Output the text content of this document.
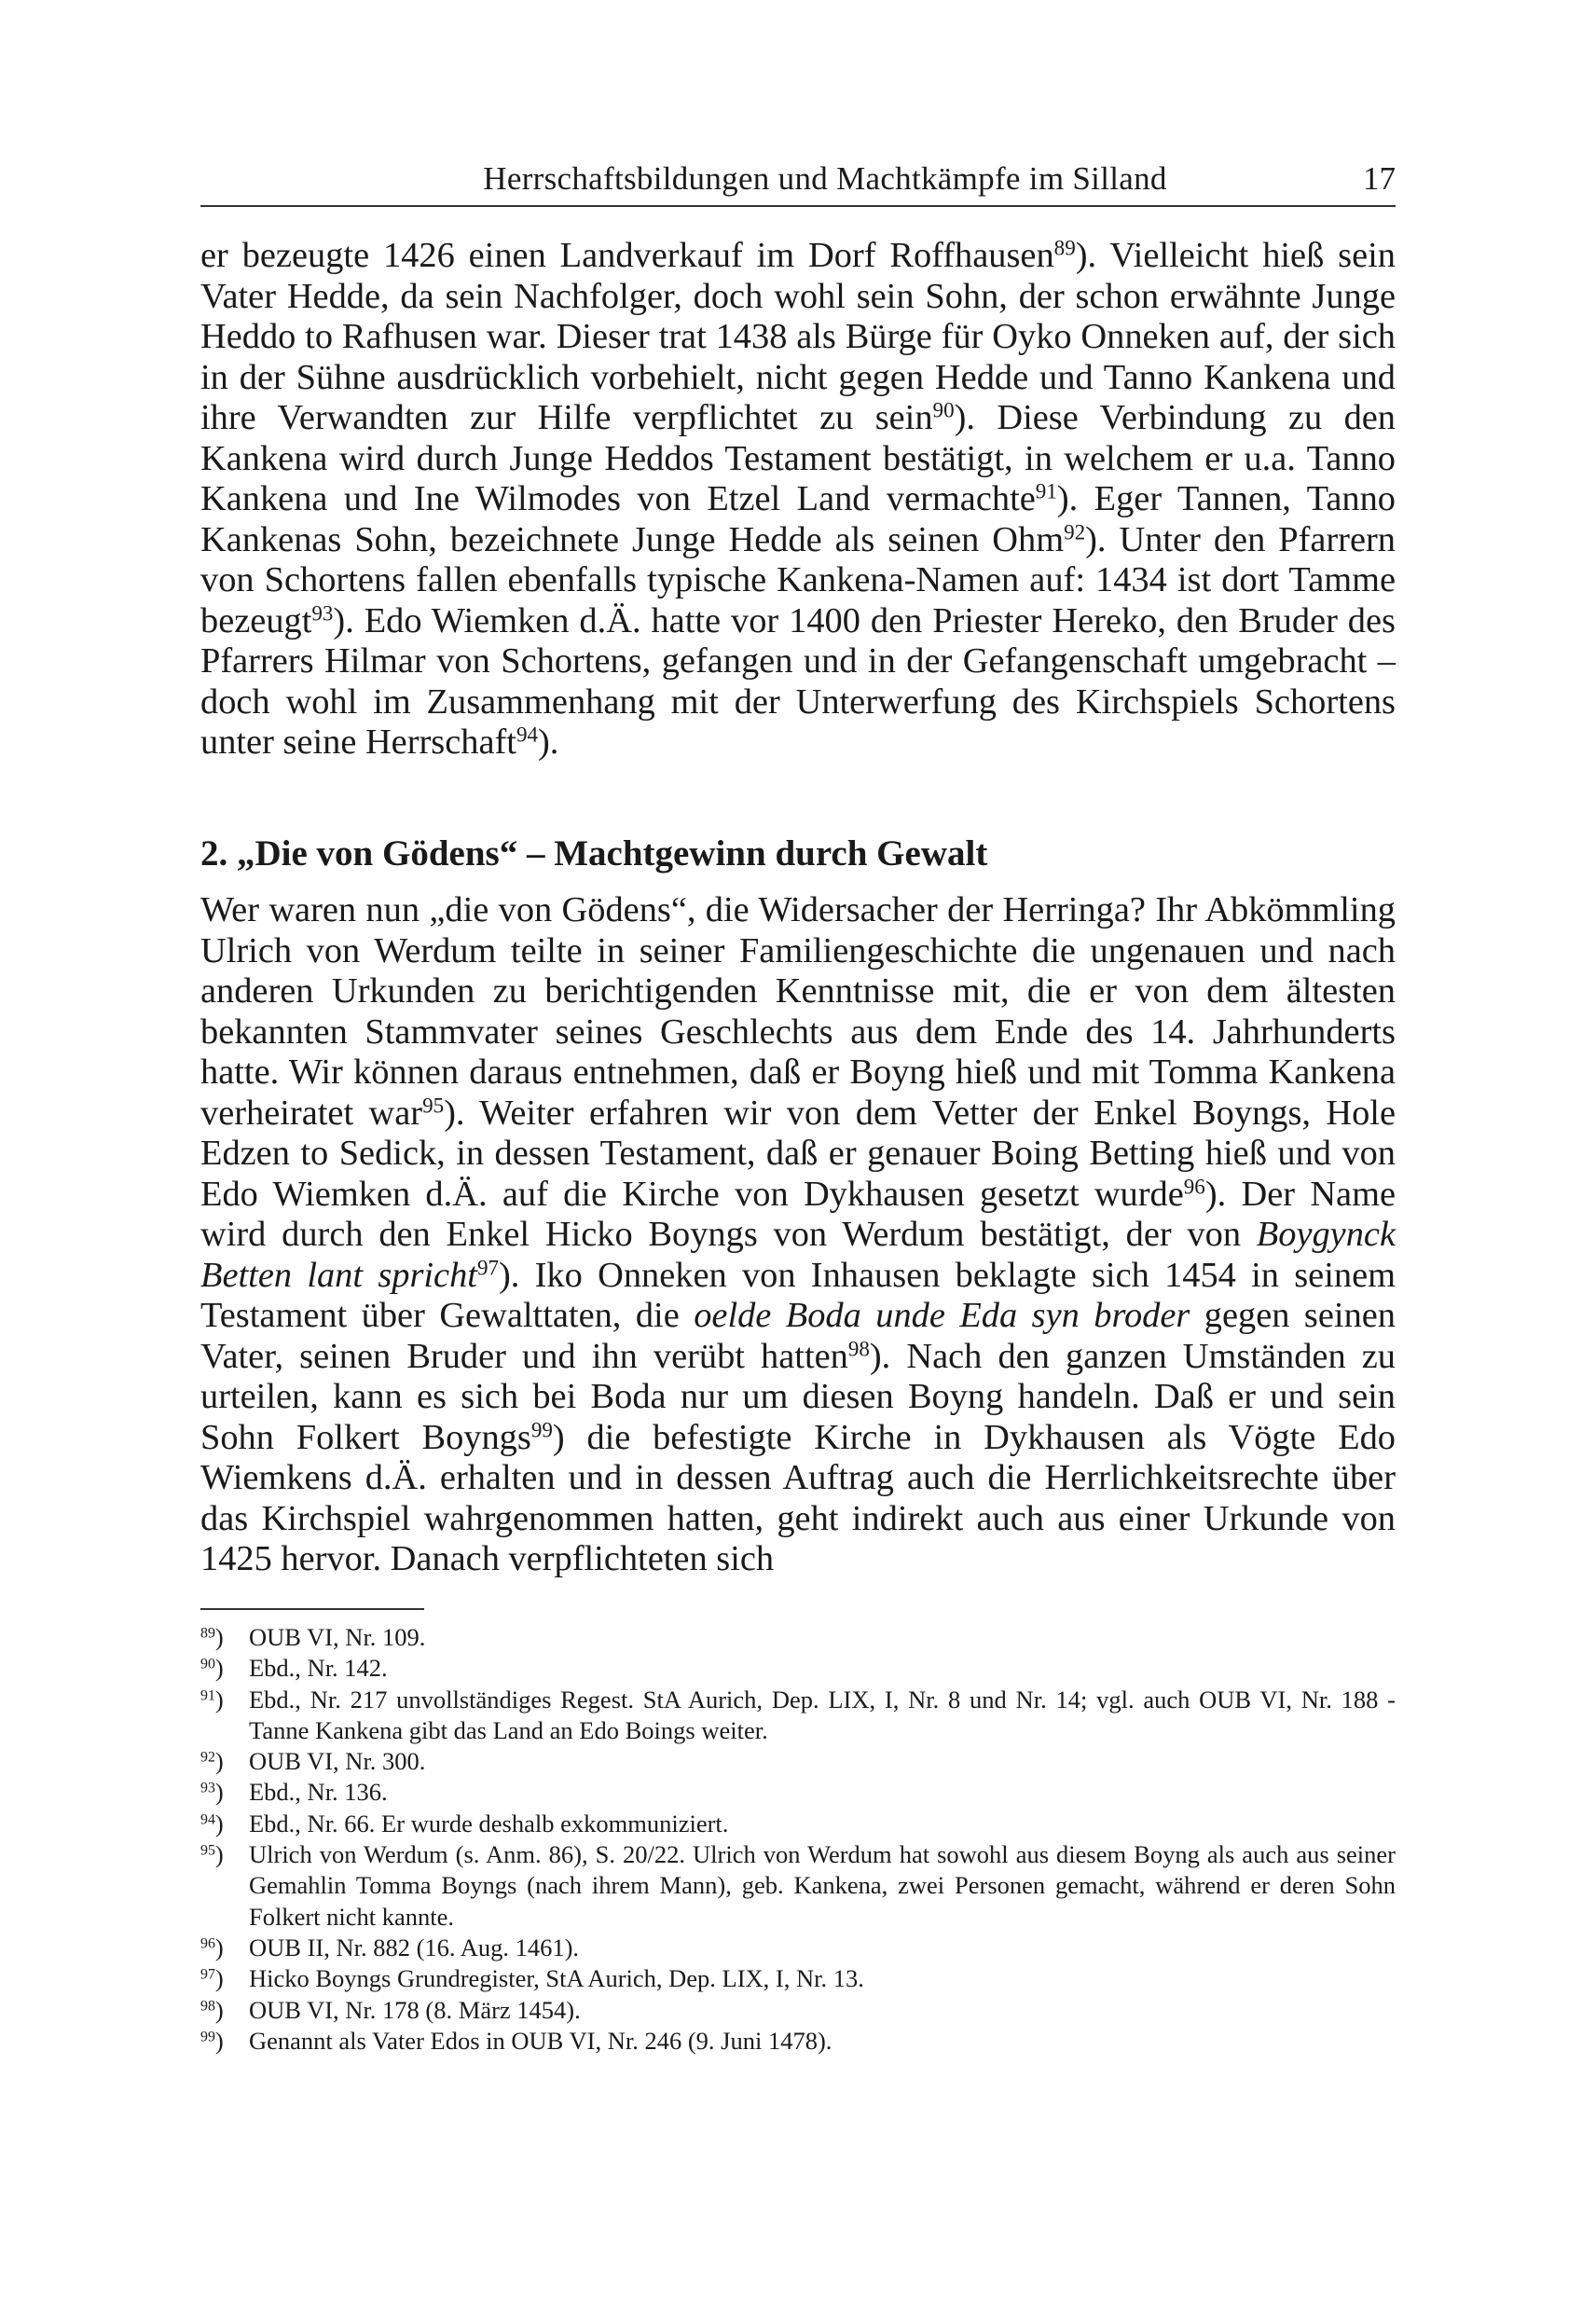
Herrschaftsbildungen und Machtkämpfe im Silland	17

er bezeugte 1426 einen Landverkauf im Dorf Roffhausen$^{89}$). Vielleicht hieß sein Vater Hedde, da sein Nachfolger, doch wohl sein Sohn, der schon erwähnte Junge Heddo to Rafhusen war. Dieser trat 1438 als Bürge für Oyko Onneken auf, der sich in der Sühne ausdrücklich vorbehielt, nicht gegen Hedde und Tanno Kankena und ihre Verwandten zur Hilfe verpflichtet zu sein$^{90}$). Diese Verbindung zu den Kankena wird durch Junge Heddos Testament bestätigt, in welchem er u.a. Tanno Kankena und Ine Wilmodes von Etzel Land vermachte$^{91}$). Eger Tannen, Tanno Kankenas Sohn, bezeichnete Junge Hedde als seinen Ohm$^{92}$). Unter den Pfarrern von Schortens fallen ebenfalls typische Kankena-Namen auf: 1434 ist dort Tamme bezeugt$^{93}$). Edo Wiemken d.Ä. hatte vor 1400 den Priester Hereko, den Bruder des Pfarrers Hilmar von Schortens, gefangen und in der Gefangenschaft umgebracht – doch wohl im Zusammenhang mit der Unterwerfung des Kirchspiels Schortens unter seine Herrschaft$^{94}$).

2. „Die von Gödens“ – Machtgewinn durch Gewalt

Wer waren nun „die von Gödens“, die Widersacher der Herringa? Ihr Abkömmling Ulrich von Werdum teilte in seiner Familiengeschichte die ungenauen und nach anderen Urkunden zu berichtigenden Kenntnisse mit, die er von dem ältesten bekannten Stammvater seines Geschlechts aus dem Ende des 14. Jahrhunderts hatte. Wir können daraus entnehmen, daß er Boyng hieß und mit Tomma Kankena verheiratet war$^{95}$). Weiter erfahren wir von dem Vetter der Enkel Boyngs, Hole Edzen to Sedick, in dessen Testament, daß er genauer Boing Betting hieß und von Edo Wiemken d.Ä. auf die Kirche von Dykhausen gesetzt wurde$^{96}$). Der Name wird durch den Enkel Hicko Boyngs von Werdum bestätigt, der von Boygynck Betten lant spricht$^{97}$). Iko Onneken von Inhausen beklagte sich 1454 in seinem Testament über Gewalttaten, die oelde Boda unde Eda syn broder gegen seinen Vater, seinen Bruder und ihn verübt hatten$^{98}$). Nach den ganzen Umständen zu urteilen, kann es sich bei Boda nur um diesen Boyng handeln. Daß er und sein Sohn Folkert Boyngs$^{99}$) die befestigte Kirche in Dykhausen als Vögte Edo Wiemkens d.Ä. erhalten und in dessen Auftrag auch die Herrlichkeitsrechte über das Kirchspiel wahrgenommen hatten, geht indirekt auch aus einer Urkunde von 1425 hervor. Danach verpflichteten sich

$^{89}$)	OUB VI, Nr. 109.
$^{90}$)	Ebd., Nr. 142.
$^{91}$)	Ebd., Nr. 217 unvollständiges Regest. StA Aurich, Dep. LIX, I, Nr. 8 und Nr. 14; vgl. auch OUB VI, Nr. 188 - Tanne Kankena gibt das Land an Edo Boings weiter.
$^{92}$)	OUB VI, Nr. 300.
$^{93}$)	Ebd., Nr. 136.
$^{94}$)	Ebd., Nr. 66. Er wurde deshalb exkommuniziert.
$^{95}$)	Ulrich von Werdum (s. Anm. 86), S. 20/22. Ulrich von Werdum hat sowohl aus diesem Boyng als auch aus seiner Gemahlin Tomma Boyngs (nach ihrem Mann), geb. Kankena, zwei Personen gemacht, während er deren Sohn Folkert nicht kannte.
$^{96}$)	OUB II, Nr. 882 (16. Aug. 1461).
$^{97}$)	Hicko Boyngs Grundregister, StA Aurich, Dep. LIX, I, Nr. 13.
$^{98}$)	OUB VI, Nr. 178 (8. März 1454).
$^{99}$)	Genannt als Vater Edos in OUB VI, Nr. 246 (9. Juni 1478).
